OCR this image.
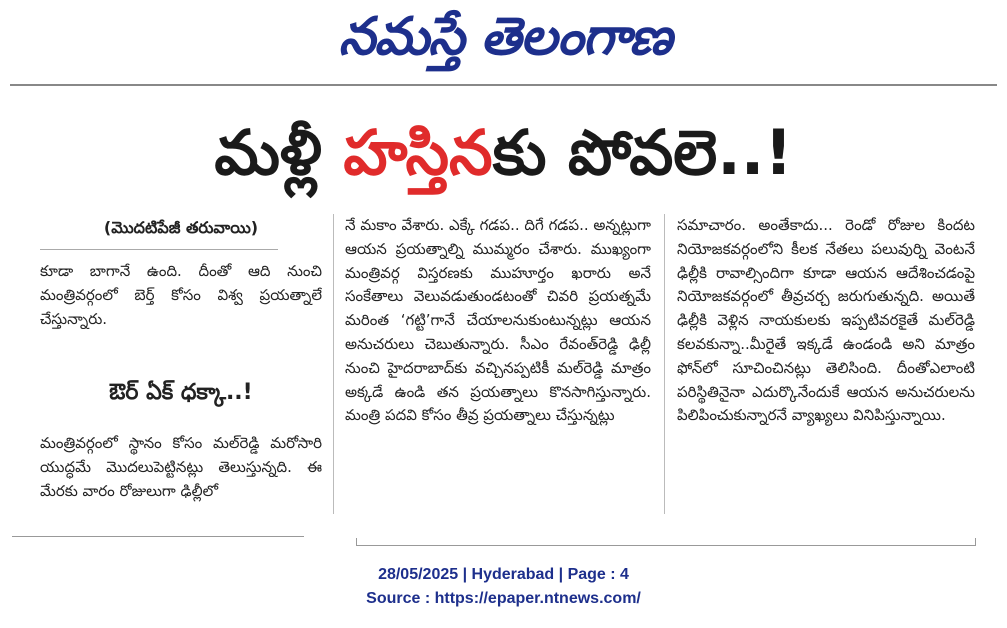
నమస్తే తెలంగాణ
మళ్లీ హస్తినకు పోవలె..!
(మొదటిపేజీ తరువాయి)

కూడా బాగానే ఉంది. దీంతో ఆది నుంచి మంత్రివర్గంలో బెర్త్ కోసం విశ్వ ప్రయత్నాలే చేస్తున్నారు.

ఔర్ ఏక్ ధక్కా..!

మంత్రివర్గంలో స్థానం కోసం మల్‌రెడ్డి మరోసారి యుద్ధమే మొదలుపెట్టినట్లు తెలుస్తున్నది. ఈ మేరకు వారం రోజులుగా ఢిల్లీలో

నే మకాం వేశారు. ఎక్కే గడప.. దిగే గడప.. అన్నట్లుగా ఆయన ప్రయత్నాల్ని ముమ్మరం చేశారు. ముఖ్యంగా మంత్రివర్గ విస్తరణకు ముహూర్తం ఖరారు అనే సంకేతాలు వెలువడుతుండటంతో చివరి ప్రయత్నమే మరింత ‘గట్టి’గానే చేయాలనుకుంటున్నట్లు ఆయన అనుచరులు చెబుతున్నారు. సీఎం రేవంత్‌రెడ్డి ఢిల్లీ నుంచి హైదరాబాద్‌కు వచ్చినప్పటికీ మల్‌రెడ్డి మాత్రం అక్కడే ఉండి తన ప్రయత్నాలు కొనసాగిస్తున్నారు. మంత్రి పదవి కోసం తీవ్ర ప్రయత్నాలు చేస్తున్నట్లు

సమాచారం. అంతేకాదు... రెండో రోజుల కిందట నియోజకవర్గంలోని కీలక నేతలు పలువుర్ని వెంటనే ఢిల్లీకి రావాల్సిందిగా కూడా ఆయన ఆదేశించడంపై నియోజకవర్గంలో తీవ్రచర్చ జరుగుతున్నది. అయితే ఢిల్లీకి వెళ్లిన నాయకులకు ఇప్పటివరకైతే మల్‌రెడ్డి కలవకున్నా..మీరైతే ఇక్కడే ఉండండి అని మాత్రం ఫోన్‌లో సూచించినట్లు తెలిసింది. దీంతోఎలాంటి పరిస్థితినైనా ఎదుర్కొనేందుకే ఆయన అనుచరులను పిలిపించుకున్నారనే వ్యాఖ్యలు వినిపిస్తున్నాయి.

28/05/2025 | Hyderabad | Page : 4
Source : https://epaper.ntnews.com/
